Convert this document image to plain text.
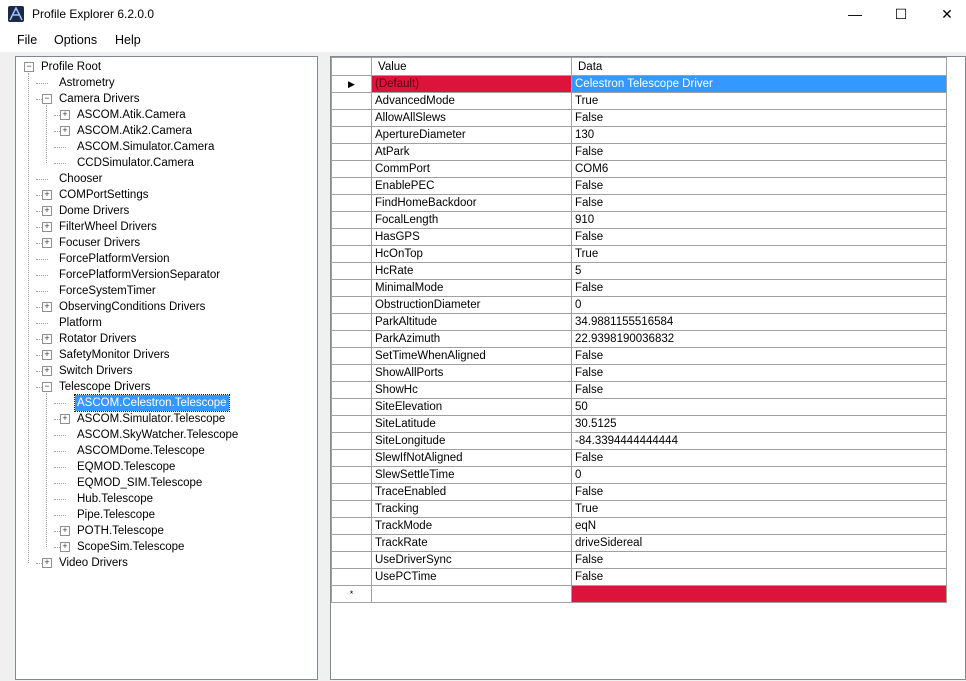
Profile Explorer 6.2.0.0	—	☐	✕
File Options Help
− Profile Root
Astrometry
− Camera Drivers
+ ASCOM.Atik.Camera
+ ASCOM.Atik2.Camera
ASCOM.Simulator.Camera
CCDSimulator.Camera
Chooser
+ COMPortSettings
+ Dome Drivers
+ FilterWheel Drivers
+ Focuser Drivers
ForcePlatformVersion
ForcePlatformVersionSeparator
ForceSystemTimer
+ ObservingConditions Drivers
Platform
+ Rotator Drivers
+ SafetyMonitor Drivers
+ Switch Drivers
− Telescope Drivers
ASCOM.Celestron.Telescope
+ ASCOM.Simulator.Telescope
ASCOM.SkyWatcher.Telescope
ASCOMDome.Telescope
EQMOD.Telescope
EQMOD_SIM.Telescope
Hub.Telescope
Pipe.Telescope
+ POTH.Telescope
+ ScopeSim.Telescope
+ Video Drivers
	Value	Data
▶	(Default)	Celestron Telescope Driver
	AdvancedMode	True
	AllowAllSlews	False
	ApertureDiameter	130
	AtPark	False
	CommPort	COM6
	EnablePEC	False
	FindHomeBackdoor	False
	FocalLength	910
	HasGPS	False
	HcOnTop	True
	HcRate	5
	MinimalMode	False
	ObstructionDiameter	0
	ParkAltitude	34.9881155516584
	ParkAzimuth	22.9398190036832
	SetTimeWhenAligned	False
	ShowAllPorts	False
	ShowHc	False
	SiteElevation	50
	SiteLatitude	30.5125
	SiteLongitude	-84.3394444444444
	SlewIfNotAligned	False
	SlewSettleTime	0
	TraceEnabled	False
	Tracking	True
	TrackMode	eqN
	TrackRate	driveSidereal
	UseDriverSync	False
	UsePCTime	False
*		
